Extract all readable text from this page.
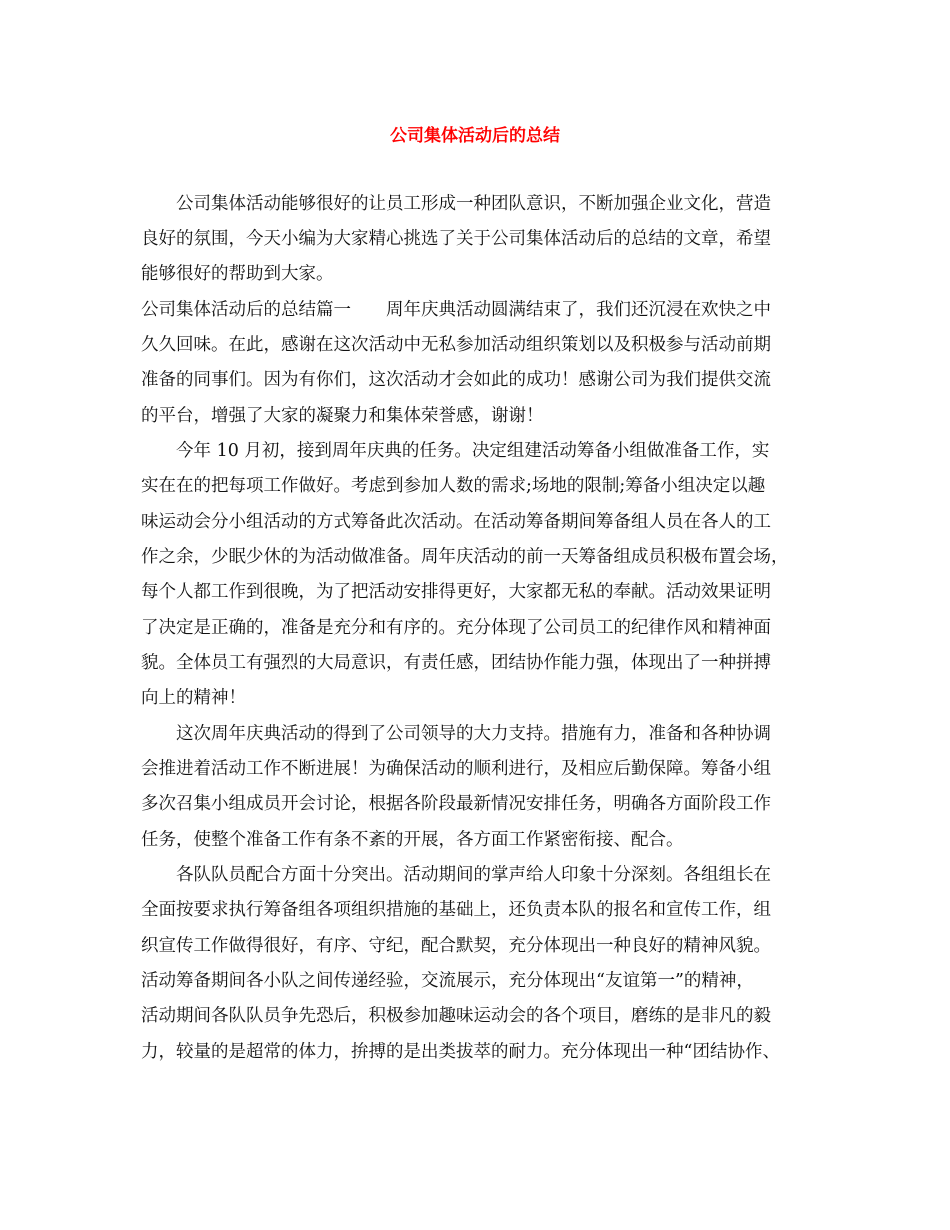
公司集体活动后的总结
公司集体活动能够很好的让员工形成一种团队意识，不断加强企业文化，营造
良好的氛围，今天小编为大家精心挑选了关于公司集体活动后的总结的文章，希望
能够很好的帮助到大家。
公司集体活动后的总结篇一　　周年庆典活动圆满结束了，我们还沉浸在欢快之中
久久回味。在此，感谢在这次活动中无私参加活动组织策划以及积极参与活动前期
准备的同事们。因为有你们，这次活动才会如此的成功！感谢公司为我们提供交流
的平台，增强了大家的凝聚力和集体荣誉感，谢谢！
今年 10 月初，接到周年庆典的任务。决定组建活动筹备小组做准备工作，实
实在在的把每项工作做好。考虑到参加人数的需求;场地的限制;筹备小组决定以趣
味运动会分小组活动的方式筹备此次活动。在活动筹备期间筹备组人员在各人的工
作之余，少眠少休的为活动做准备。周年庆活动的前一天筹备组成员积极布置会场，
每个人都工作到很晚，为了把活动安排得更好，大家都无私的奉献。活动效果证明
了决定是正确的，准备是充分和有序的。充分体现了公司员工的纪律作风和精神面
貌。全体员工有强烈的大局意识，有责任感，团结协作能力强，体现出了一种拼搏
向上的精神！
这次周年庆典活动的得到了公司领导的大力支持。措施有力，准备和各种协调
会推进着活动工作不断进展！为确保活动的顺利进行，及相应后勤保障。筹备小组
多次召集小组成员开会讨论，根据各阶段最新情况安排任务，明确各方面阶段工作
任务，使整个准备工作有条不紊的开展，各方面工作紧密衔接、配合。
各队队员配合方面十分突出。活动期间的掌声给人印象十分深刻。各组组长在
全面按要求执行筹备组各项组织措施的基础上，还负责本队的报名和宣传工作，组
织宣传工作做得很好，有序、守纪，配合默契，充分体现出一种良好的精神风貌。
活动筹备期间各小队之间传递经验，交流展示，充分体现出“友谊第一”的精神，
活动期间各队队员争先恐后，积极参加趣味运动会的各个项目，磨练的是非凡的毅
力，较量的是超常的体力，拚搏的是出类拔萃的耐力。充分体现出一种“团结协作、
